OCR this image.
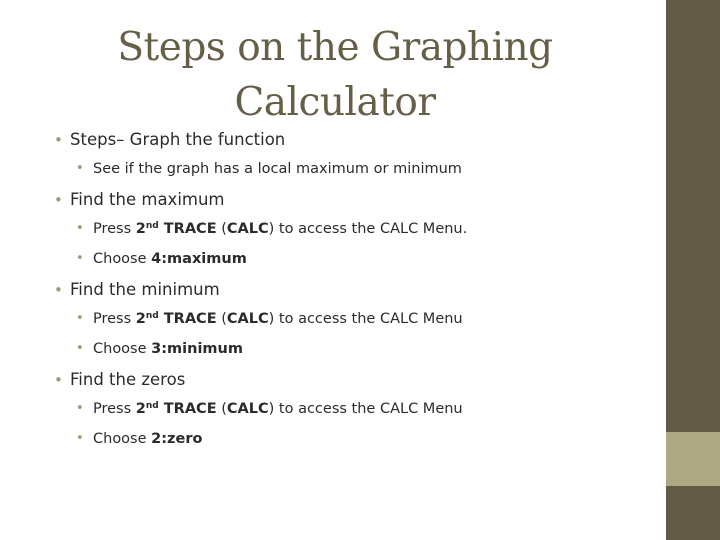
Steps on the Graphing Calculator
• Steps– Graph the function
• See if the graph has a local maximum or minimum
• Find the maximum
• Press 2nd TRACE (CALC) to access the CALC Menu.
• Choose 4:maximum
• Find the minimum
• Press 2nd TRACE (CALC) to access the CALC Menu
• Choose 3:minimum
• Find the zeros
• Press 2nd TRACE (CALC) to access the CALC Menu
• Choose 2:zero
